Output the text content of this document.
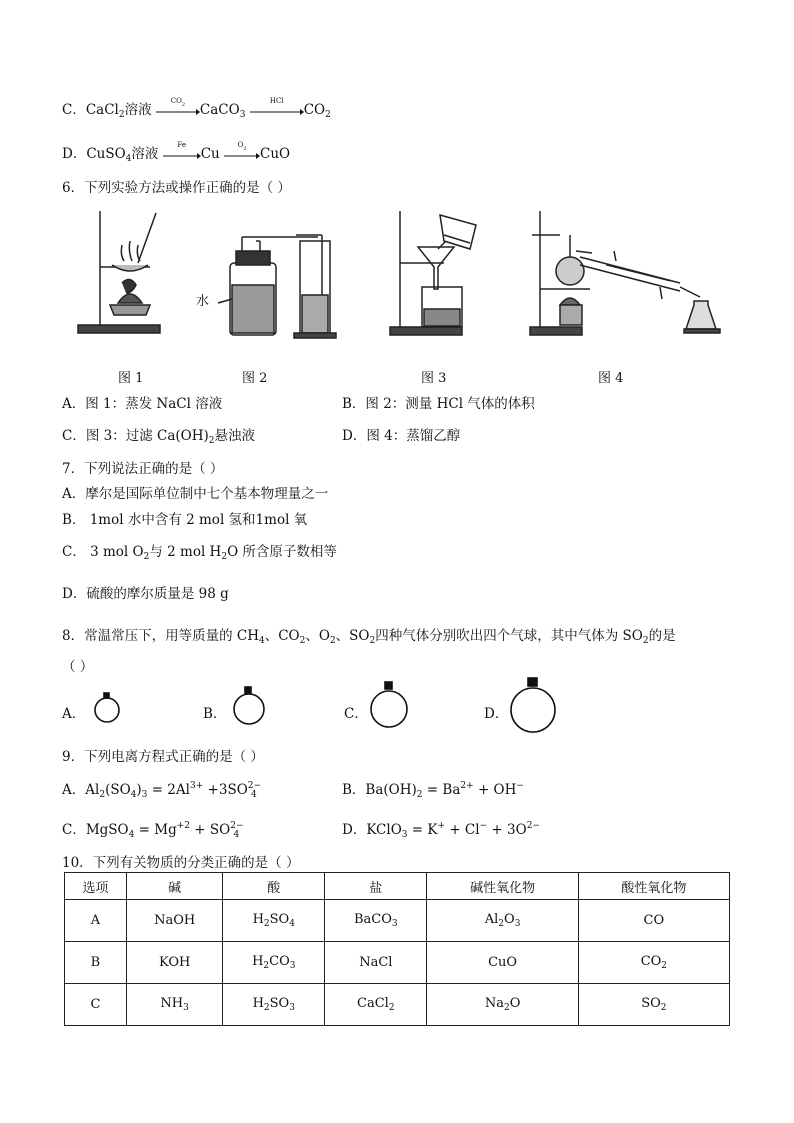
C．CaCl$_2$溶液
$CO_2$	CaCO$_3$
HCl
$CO_2$
D．CuSO$_4$溶液
Fe
Cu
$O_2$	CuO
6．下列实验方法或操作正确的是（ ）
水
图 1	图 2	图 3	图 4
A．图 1：蒸发 NaCl 溶液	B．图 2：测量 HCl 气体的体积
C．图 3：过滤 $Ca(OH)_2$悬浊液	D．图 4：蒸馏乙醇
7．下列说法正确的是（ ）
A．摩尔是国际单位制中七个基本物理量之一
B． 1mol 水中含有 2 mol 氢和1mol 氧
C． 3 mol $O_2$与 2 mol $H_2O$ 所含原子数相等
D．硫酸的摩尔质量是 98 g
8．常温常压下，用等质量的 $CH_4$、$CO_2$、$O_2$、$SO_2$四种气体分别吹出四个气球，其中气体为 $SO_2$的是
（ ）
A．	B．	C．	D．
9．下列电离方程式正确的是（ ）
A．$Al_2(SO_4)_3 = 2Al^{3+} +3SO^{2-}_4$	B．$Ba(OH)_2 = Ba^{2+} + OH^-$
C．MgSO$_4$ = $Mg^{+2} + SO^{2-}_4$	D．KClO$_3$ = $K^+ + Cl^- + 3O^{2-}$
10．下列有关物质的分类正确的是（ ）
选项	碱	酸	盐	碱性氧化物	酸性氧化物
A	NaOH	$H_2SO_4$	BaCO$_3$	$Al_2O_3$	CO
B	KOH	$H_2CO_3$	NaCl	CuO	$CO_2$
C	$NH_3$	$H_2SO_3$	CaCl$_2$	$Na_2O$	$SO_2$
